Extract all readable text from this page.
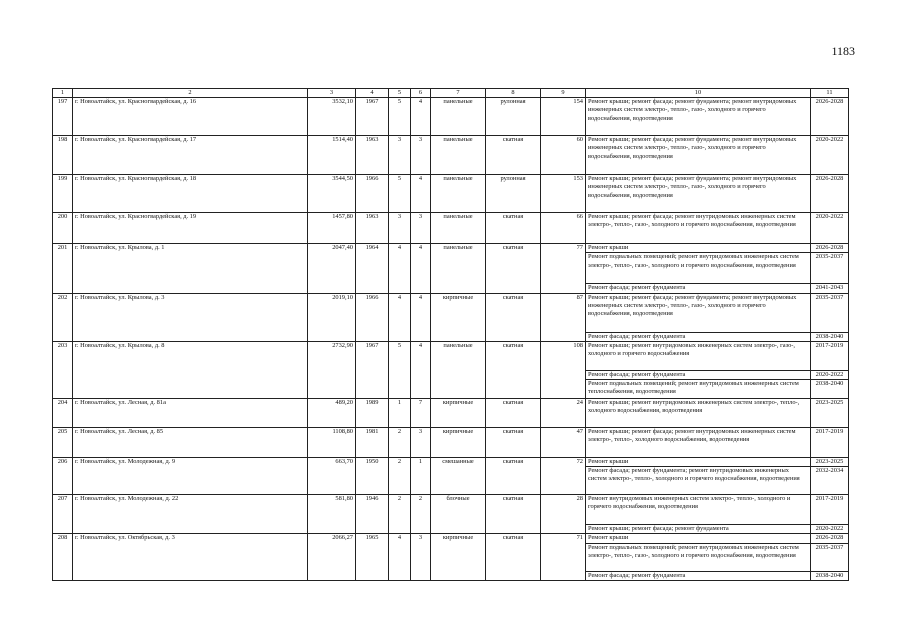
1183
1	2	3	4	5	6	7	8	9	10	11
197	г. Новоалтайск, ул. Красногвардейская, д. 16	3532,10	1967	5	4	панельные	рулонная	154	Ремонт крыши; ремонт фасада; ремонт фундамента; ремонт внутридомовых инженерных систем электро-, тепло-, газо-, холодного и горячего водоснабжения, водоотведения	2026-2028
198	г. Новоалтайск, ул. Красногвардейская, д. 17	1514,40	1963	3	3	панельные	скатная	60	Ремонт крыши; ремонт фасада; ремонт фундамента; ремонт внутридомовых инженерных систем электро-, тепло-, газо-, холодного и горячего водоснабжения, водоотведения	2020-2022
199	г. Новоалтайск, ул. Красногвардейская, д. 18	3544,50	1966	5	4	панельные	рулонная	153	Ремонт крыши; ремонт фасада; ремонт фундамента; ремонт внутридомовых инженерных систем электро-, тепло-, газо-, холодного и горячего водоснабжения, водоотведения	2026-2028
200	г. Новоалтайск, ул. Красногвардейская, д. 19	1457,80	1963	3	3	панельные	скатная	66	Ремонт крыши; ремонт фасада; ремонт внутридомовых инженерных систем электро-, тепло-, газо-, холодного и горячего водоснабжения, водоотведения	2020-2022
201	г. Новоалтайск, ул. Крылова, д. 1	2047,40	1964	4	4	панельные	скатная	77	Ремонт крыши	2026-2028
									Ремонт подвальных помещений; ремонт внутридомовых инженерных систем электро-, тепло-, газо-, холодного и горячего водоснабжения, водоотведения	2035-2037
									Ремонт фасада; ремонт фундамента	2041-2043
202	г. Новоалтайск, ул. Крылова, д. 3	2019,10	1966	4	4	кирпичные	скатная	87	Ремонт крыши; ремонт фасада; ремонт фундамента; ремонт внутридомовых инженерных систем электро-, тепло-, газо-, холодного и горячего водоснабжения, водоотведения	2035-2037
									Ремонт фасада; ремонт фундамента	2038-2040
203	г. Новоалтайск, ул. Крылова, д. 8	2732,90	1967	5	4	панельные	скатная	108	Ремонт крыши; ремонт внутридомовых инженерных систем электро-, газо-, холодного и горячего водоснабжения	2017-2019
									Ремонт фасада; ремонт фундамента	2020-2022
									Ремонт подвальных помещений; ремонт внутридомовых инженерных систем теплоснабжения, водоотведения	2038-2040
204	г. Новоалтайск, ул. Лесная, д. 81а	489,20	1989	1	7	кирпичные	скатная	24	Ремонт крыши; ремонт внутридомовых инженерных систем электро-, тепло-, холодного водоснабжения, водоотведения	2023-2025
205	г. Новоалтайск, ул. Лесная, д. 85	1108,80	1981	2	3	кирпичные	скатная	47	Ремонт крыши; ремонт фасада; ремонт внутридомовых инженерных систем электро-, тепло-, холодного водоснабжения, водоотведения	2017-2019
206	г. Новоалтайск, ул. Молодежная, д. 9	663,70	1950	2	1	смешанные	скатная	72	Ремонт крыши	2023-2025
									Ремонт фасада; ремонт фундамента; ремонт внутридомовых инженерных систем электро-, тепло-, холодного и горячего водоснабжения, водоотведения	2032-2034
207	г. Новоалтайск, ул. Молодежная, д. 22	581,80	1946	2	2	блочные	скатная	28	Ремонт внутридомовых инженерных систем электро-, тепло-, холодного и горячего водоснабжения, водоотведения	2017-2019
									Ремонт крыши; ремонт фасада; ремонт фундамента	2020-2022
208	г. Новоалтайск, ул. Октябрьская, д. 3	2066,27	1965	4	3	кирпичные	скатная	71	Ремонт крыши	2026-2028
									Ремонт подвальных помещений; ремонт внутридомовых инженерных систем электро-, тепло-, газо-, холодного и горячего водоснабжения, водоотведения	2035-2037
									Ремонт фасада; ремонт фундамента	2038-2040
